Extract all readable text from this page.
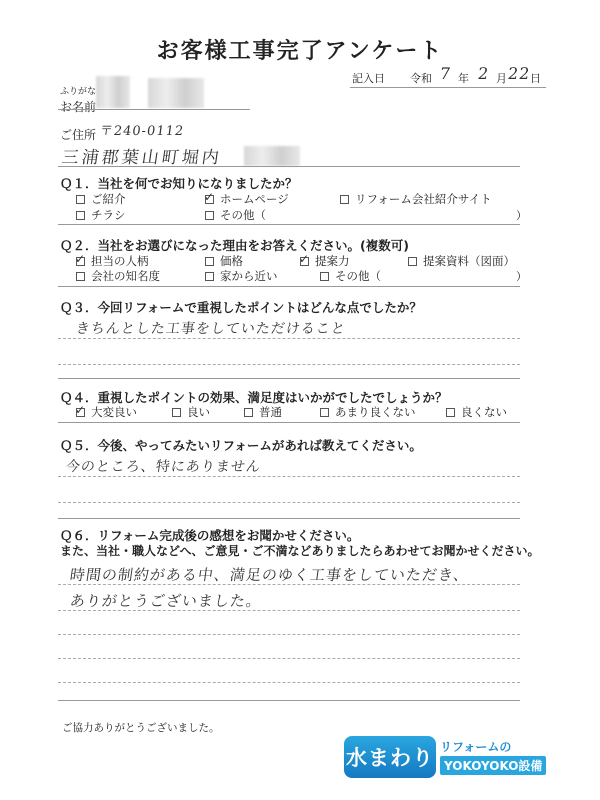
お客様工事完了アンケート
記入日 令和 7 年 2 月 22
日
ふりがな
お名前
ご住所 〒240-0112
三浦郡葉山町堀内
Ｑ１．当社を何でお知りになりましたか？
ご紹介 ✓	ホームページ	リフォーム会社紹介サイト
チラシ	その他（	）
Ｑ２．当社をお選びになった理由をお答えください。(複数可)
✓
担当の人柄	価格 ✓	提案力	提案資料（図面）
会社の知名度	家から近い	その他（	）
Ｑ３．今回リフォームで重視したポイントはどんな点でしたか？
きちんとした工事をしていただけること
Ｑ４．重視したポイントの効果、満足度はいかがでしたでしょうか？
✓
大変良い	良い	普通	あまり良くない	良くない
Ｑ５．今後、やってみたいリフォームがあれば教えてください。
今のところ、特にありません
Ｑ６．リフォーム完成後の感想をお聞かせください。
また、当社・職人などへ、ご意見・ご不満などありましたらあわせてお聞かせください。
時間の制約がある中、満足のゆく工事をしていただき、
ありがとうございました。
ご協力ありがとうございました。
水まわり リフォームの
YOKOYOKO設備
